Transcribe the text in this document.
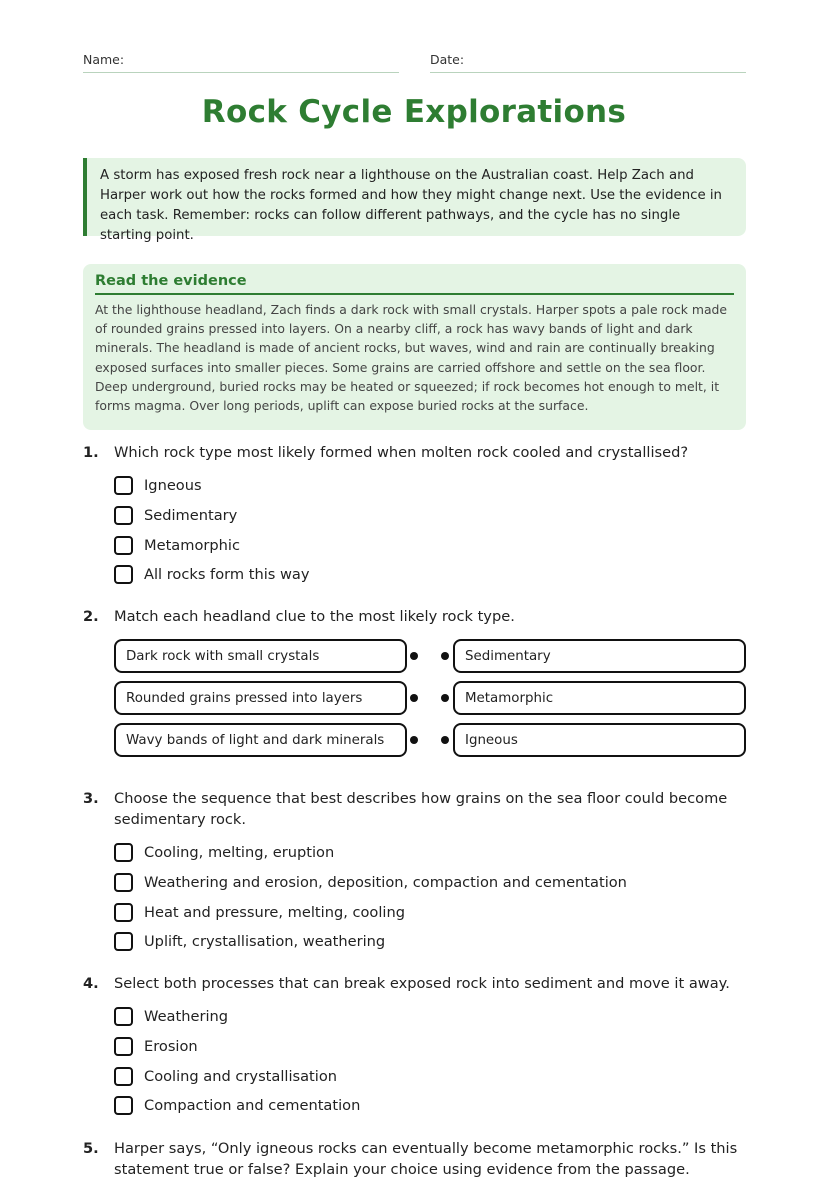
Name:	Date:
Rock Cycle Explorations
A storm has exposed fresh rock near a lighthouse on the Australian coast. Help Zach and Harper work out how the rocks formed and how they might change next. Use the evidence in each task. Remember: rocks can follow different pathways, and the cycle has no single starting point.
Read the evidence
At the lighthouse headland, Zach finds a dark rock with small crystals. Harper spots a pale rock made of rounded grains pressed into layers. On a nearby cliff, a rock has wavy bands of light and dark minerals. The headland is made of ancient rocks, but waves, wind and rain are continually breaking exposed surfaces into smaller pieces. Some grains are carried offshore and settle on the sea floor. Deep underground, buried rocks may be heated or squeezed; if rock becomes hot enough to melt, it forms magma. Over long periods, uplift can expose buried rocks at the surface.
1. Which rock type most likely formed when molten rock cooled and crystallised?
Igneous
Sedimentary
Metamorphic
All rocks form this way
2. Match each headland clue to the most likely rock type.
Dark rock with small crystals	Sedimentary
Rounded grains pressed into layers	Metamorphic
Wavy bands of light and dark minerals	Igneous
3. Choose the sequence that best describes how grains on the sea floor could become sedimentary rock.
Cooling, melting, eruption
Weathering and erosion, deposition, compaction and cementation
Heat and pressure, melting, cooling
Uplift, crystallisation, weathering
4. Select both processes that can break exposed rock into sediment and move it away.
Weathering
Erosion
Cooling and crystallisation
Compaction and cementation
5. Harper says, “Only igneous rocks can eventually become metamorphic rocks.” Is this statement true or false? Explain your choice using evidence from the passage.
